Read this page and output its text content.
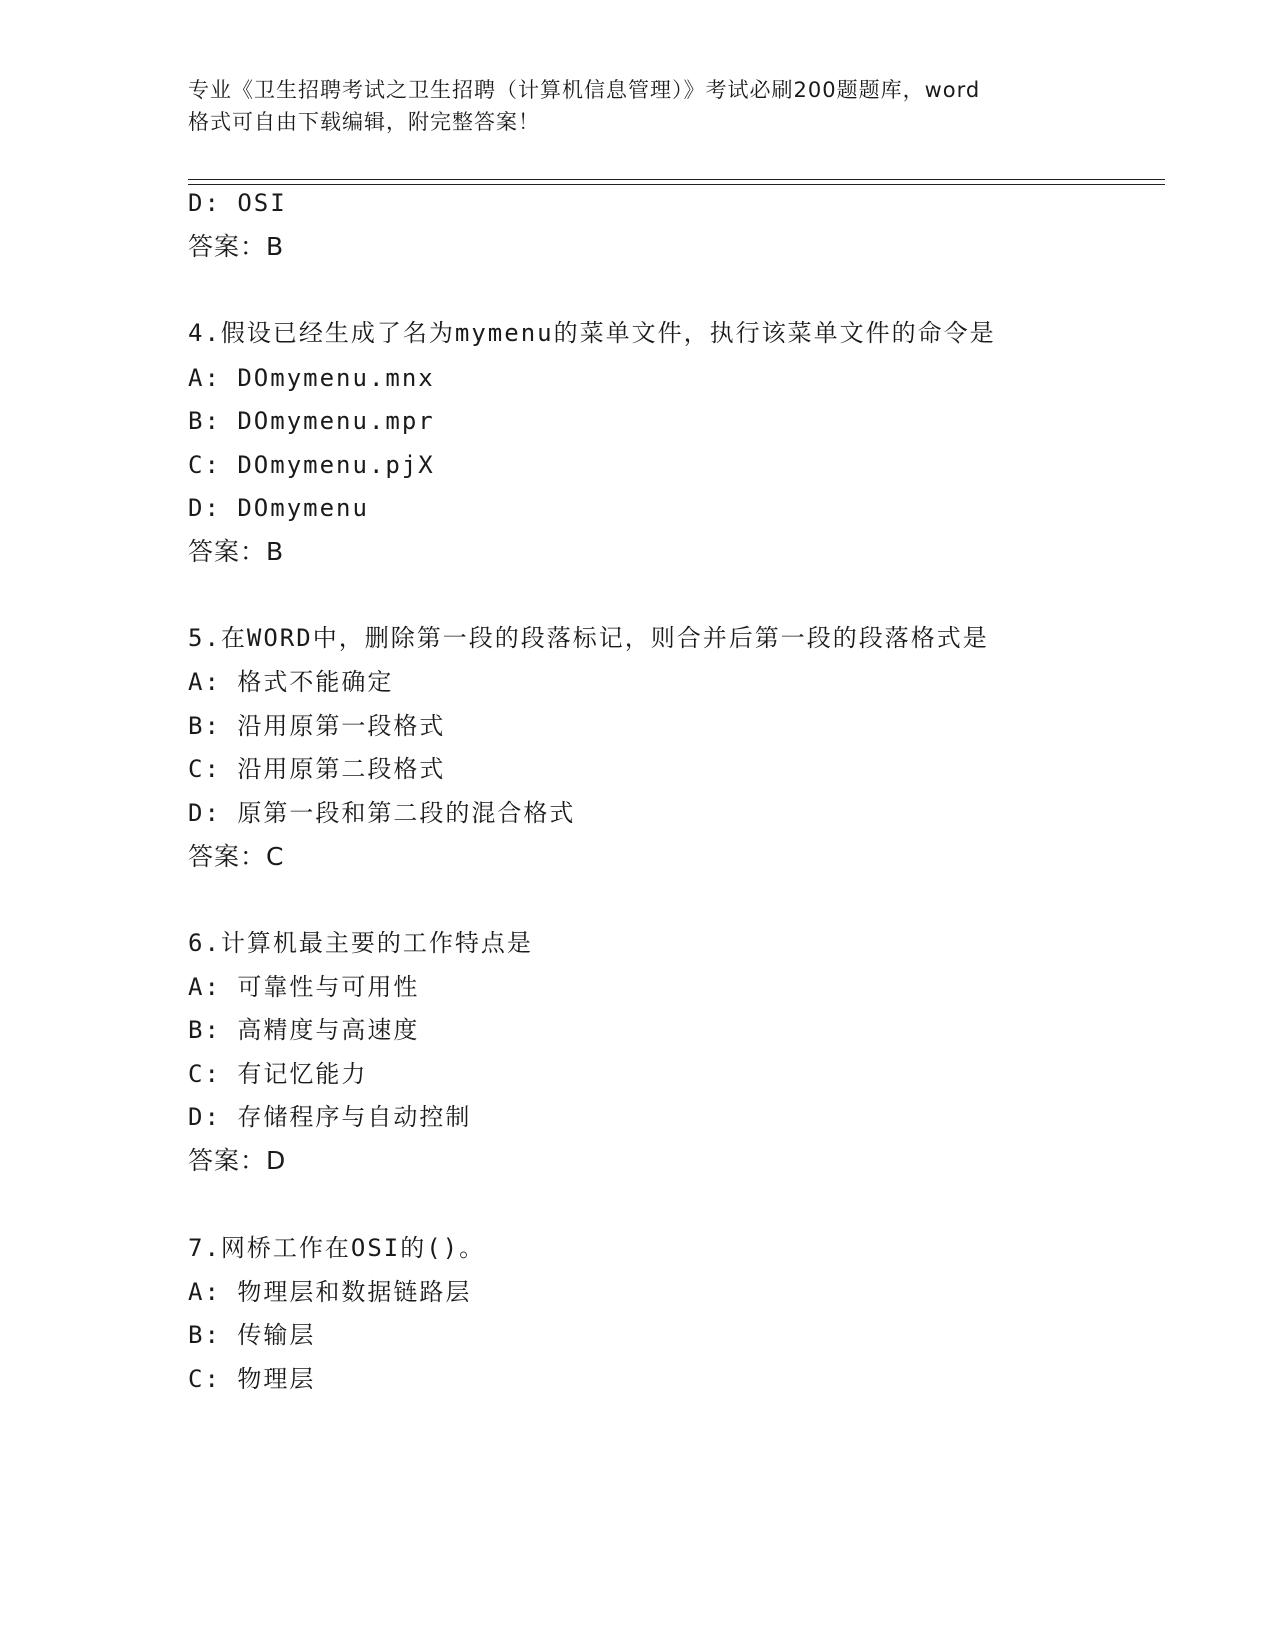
专业《卫生招聘考试之卫生招聘（计算机信息管理）》考试必刷200题题库，word
格式可自由下载编辑，附完整答案！
D: OSI
答案：B
4.假设已经生成了名为mymenu的菜单文件，执行该菜单文件的命令是
A: DOmymenu.mnx
B: DOmymenu.mpr
C: DOmymenu.pjX
D: DOmymenu
答案：B
5.在WORD中，删除第一段的段落标记，则合并后第一段的段落格式是
A: 格式不能确定
B: 沿用原第一段格式
C: 沿用原第二段格式
D: 原第一段和第二段的混合格式
答案：C
6.计算机最主要的工作特点是
A: 可靠性与可用性
B: 高精度与高速度
C: 有记忆能力
D: 存储程序与自动控制
答案：D
7.网桥工作在OSI的()。
A: 物理层和数据链路层
B: 传输层
C: 物理层
